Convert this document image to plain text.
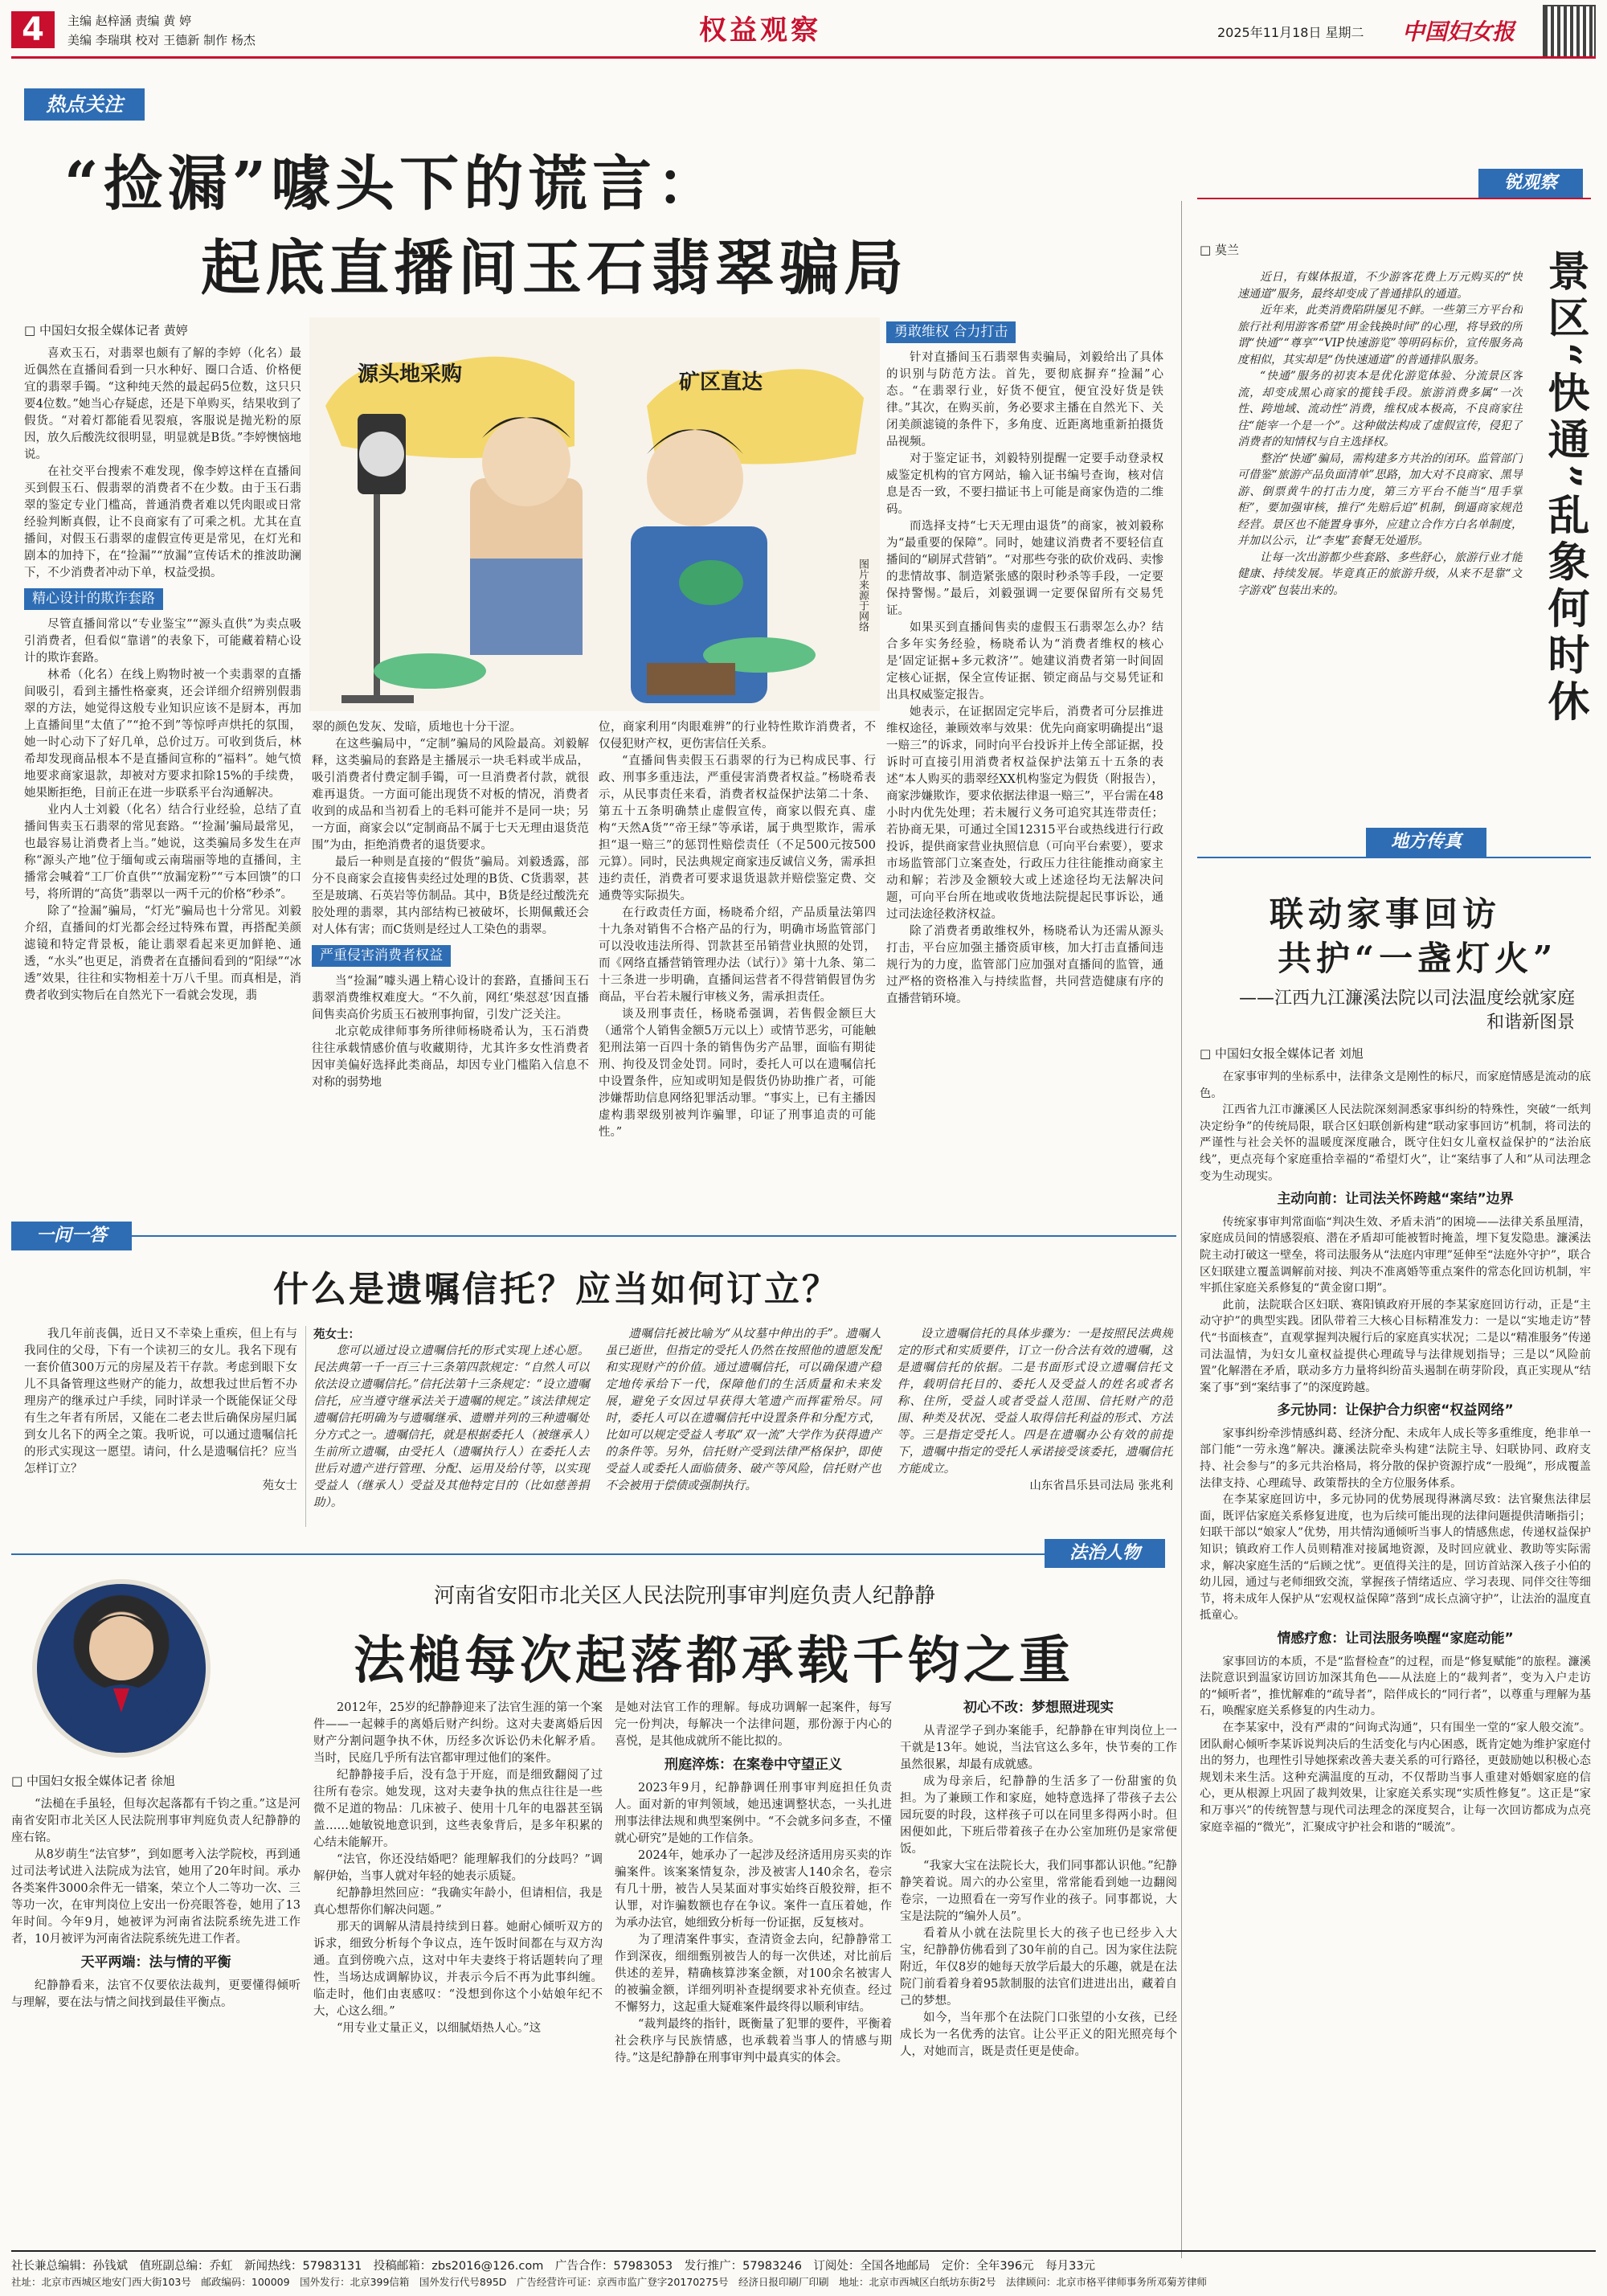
4	主编 赵梓涵 责编 黄 婷
美编 李瑞琪 校对 王德新 制作 杨杰	权益观察	2025年11月18日 星期二 中国妇女报
热点关注
“捡漏”噱头下的谎言：
起底直播间玉石翡翠骗局
□ 中国妇女报全媒体记者 黄婷
源头地采购	矿区直达
图片来源于网络

喜欢玉石，对翡翠也颇有了解的李婷（化名）最近偶然在直播间看到一只水种好、圈口合适、价格便宜的翡翠手镯。“这种纯天然的最起码5位数，这只只要4位数。”她当心存疑虑，还是下单购买，结果收到了假货。“对着灯都能看见裂痕，客服说是抛光粉的原因，放久后酸洗纹很明显，明显就是B货。”李婷懊恼地说。

在社交平台搜索不难发现，像李婷这样在直播间买到假玉石、假翡翠的消费者不在少数。由于玉石翡翠的鉴定专业门槛高，普通消费者难以凭肉眼或日常经验判断真假，让不良商家有了可乘之机。尤其在直播间，对假玉石翡翠的虚假宣传更是常见，在灯光和剧本的加持下，在“捡漏”“放漏”宣传话术的推波助澜下，不少消费者冲动下单，权益受损。

精心设计的欺诈套路

尽管直播间常以“专业鉴宝”“源头直供”为卖点吸引消费者，但看似“靠谱”的表象下，可能藏着精心设计的欺诈套路。

林希（化名）在线上购物时被一个卖翡翠的直播间吸引，看到主播性格豪爽，还会详细介绍辨别假翡翠的方法，她觉得这般专业知识应该不是厨本，再加上直播间里“太值了”“抢不到”等惊呼声烘托的氛围，她一时心动下了好几单，总价过万。可收到货后，林希却发现商品根本不是直播间宣称的“福料”。她气愤地要求商家退款，却被对方要求扣除15%的手续费，她果断拒绝，目前正在进一步联系平台沟通解决。

业内人士刘毅（化名）结合行业经验，总结了直播间售卖玉石翡翠的常见套路。“‘捡漏’骗局最常见，也最容易让消费者上当。”她说，这类骗局多发生在声称“源头产地”位于缅甸或云南瑞丽等地的直播间，主播常会喊着“工厂价直供”“放漏宠粉”“亏本回馈”的口号，将所谓的“高货”翡翠以一两千元的价格“秒杀”。

除了“捡漏”骗局，“灯光”骗局也十分常见。刘毅介绍，直播间的灯光都会经过特殊布置，再搭配美颜滤镜和特定背景板，能让翡翠看起来更加鲜艳、通透，“水头”也更足，消费者在直播间看到的“阳绿”“冰透”效果，往往和实物相差十万八千里。而真相是，消费者收到实物后在自然光下一看就会发现，翡

翠的颜色发灰、发暗，质地也十分干涩。

在这些骗局中，“定制”骗局的风险最高。刘毅解释，这类骗局的套路是主播展示一块毛料或半成品，吸引消费者付费定制手镯，可一旦消费者付款，就很难再退货。一方面可能出现货不对板的情况，消费者收到的成品和当初看上的毛料可能并不是同一块；另一方面，商家会以“定制商品不属于七天无理由退货范围”为由，拒绝消费者的退货要求。

最后一种则是直接的“假货”骗局。刘毅透露，部分不良商家会直接售卖经过处理的B货、C货翡翠，甚至是玻璃、石英岩等仿制品。其中，B货是经过酸洗充胶处理的翡翠，其内部结构已被破坏，长期佩戴还会对人体有害；而C货则是经过人工染色的翡翠。

严重侵害消费者权益

当“捡漏”噱头遇上精心设计的套路，直播间玉石翡翠消费维权难度大。“不久前，网红‘柴怼怼’因直播间售卖高价劣质玉石被刑事拘留，引发广泛关注。

北京乾成律师事务所律师杨晓希认为，玉石消费往往承载情感价值与收藏期待，尤其许多女性消费者因审美偏好选择此类商品，却因专业门槛陷入信息不对称的弱势地

位，商家利用“肉眼难辨”的行业特性欺诈消费者，不仅侵犯财产权，更伤害信任关系。

“直播间售卖假玉石翡翠的行为已构成民事、行政、刑事多重违法，严重侵害消费者权益。”杨晓希表示，从民事责任来看，消费者权益保护法第二十条、第五十五条明确禁止虚假宣传，商家以假充真、虚构“天然A货”“帝王绿”等承诺，属于典型欺诈，需承担“退一赔三”的惩罚性赔偿责任（不足500元按500元算）。同时，民法典规定商家违反诚信义务，需承担违约责任，消费者可要求退货退款并赔偿鉴定费、交通费等实际损失。

在行政责任方面，杨晓希介绍，产品质量法第四十九条对销售不合格产品的行为，明确市场监管部门可以没收违法所得、罚款甚至吊销营业执照的处罚，而《网络直播营销管理办法（试行）》第十九条、第二十三条进一步明确，直播间运营者不得营销假冒伪劣商品，平台若未履行审核义务，需承担责任。

谈及刑事责任，杨晓希强调，若售假金额巨大（通常个人销售金额5万元以上）或情节恶劣，可能触犯刑法第一百四十条的销售伪劣产品罪，面临有期徒刑、拘役及罚金处罚。同时，委托人可以在遗嘱信托中设置条件，应知或明知是假货仍协助推广者，可能涉嫌帮助信息网络犯罪活动罪。“事实上，已有主播因虚构翡翠级别被判诈骗罪，印证了刑事追责的可能性。”

勇敢维权 合力打击

针对直播间玉石翡翠售卖骗局，刘毅给出了具体的识别与防范方法。首先，要彻底摒弃“捡漏”心态。“在翡翠行业，好货不便宜，便宜没好货是铁律。”其次，在购买前，务必要求主播在自然光下、关闭美颜滤镜的条件下，多角度、近距离地重新拍摄货品视频。

对于鉴定证书，刘毅特别提醒一定要手动登录权威鉴定机构的官方网站，输入证书编号查询，核对信息是否一致，不要扫描证书上可能是商家伪造的二维码。

而选择支持“七天无理由退货”的商家，被刘毅称为“最重要的保障”。同时，她建议消费者不要轻信直播间的“刷屏式营销”。“对那些夸张的砍价戏码、卖惨的悲情故事、制造紧张感的限时秒杀等手段，一定要保持警惕。”最后，刘毅强调一定要保留所有交易凭证。

如果买到直播间售卖的虚假玉石翡翠怎么办？结合多年实务经验，杨晓希认为“消费者维权的核心是‘固定证据+多元救济’”。她建议消费者第一时间固定核心证据，保全宣传证据、锁定商品与交易凭证和出具权威鉴定报告。

她表示，在证据固定完毕后，消费者可分层推进维权途径，兼顾效率与效果：优先向商家明确提出“退一赔三”的诉求，同时向平台投诉并上传全部证据，投诉时可直接引用消费者权益保护法第五十五条的表述“本人购买的翡翠经XX机构鉴定为假货（附报告），商家涉嫌欺诈，要求依据法律退一赔三”，平台需在48小时内优先处理；若未履行义务可追究其连带责任；若协商无果，可通过全国12315平台或热线进行行政投诉，提供商家营业执照信息（可向平台索要），要求市场监管部门立案查处，行政压力往往能推动商家主动和解；若涉及金额较大或上述途径均无法解决问题，可向平台所在地或收货地法院提起民事诉讼，通过司法途径救济权益。

除了消费者勇敢维权外，杨晓希认为还需从源头打击，平台应加强主播资质审核，加大打击直播间违规行为的力度，监管部门应加强对直播间的监管，通过严格的资格准入与持续监督，共同营造健康有序的直播营销环境。

锐观察
□ 莫兰	景区“快通”乱象何时休

近日，有媒体报道，不少游客花费上万元购买的“快速通道”服务，最终却变成了普通排队的通道。

近年来，此类消费陷阱屡见不鲜。一些第三方平台和旅行社利用游客希望“用金钱换时间”的心理，将导致的所谓“快通”“尊享”“VIP快速游览”等明码标价，宣传服务高度相似，其实却是“伪快速通道”的普通排队服务。

“快通”服务的初衷本是优化游览体验、分流景区客流，却变成黑心商家的揽钱手段。旅游消费多属“一次性、跨地域、流动性”消费，维权成本极高，不良商家往往“能宰一个是一个”。这种做法构成了虚假宣传，侵犯了消费者的知情权与自主选择权。

整治“快通”骗局，需构建多方共治的闭环。监管部门可借鉴“旅游产品负面清单”思路，加大对不良商家、黑导游、倒票黄牛的打击力度，第三方平台不能当“甩手掌柜”，要加强审核，推行“先赔后追”机制，倒逼商家规范经营。景区也不能置身事外，应建立合作方白名单制度，并加以公示，让“李鬼”套餐无处遁形。

让每一次出游都少些套路、多些舒心，旅游行业才能健康、持续发展。毕竟真正的旅游升级，从来不是靠“文字游戏”包装出来的。

地方传真
联动家事回访
共护“一盏灯火”
——江西九江濂溪法院以司法温度绘就家庭和谐新图景
□ 中国妇女报全媒体记者 刘旭

在家事审判的坐标系中，法律条文是刚性的标尺，而家庭情感是流动的底色。

江西省九江市濂溪区人民法院深刻洞悉家事纠纷的特殊性，突破“一纸判决定纷争”的传统局限，联合区妇联创新构建“联动家事回访”机制，将司法的严谨性与社会关怀的温暖度深度融合，既守住妇女儿童权益保护的“法治底线”，更点亮每个家庭重拾幸福的“希望灯火”，让“案结事了人和”从司法理念变为生动现实。

主动向前：让司法关怀跨越“案结”边界

传统家事审判常面临“判决生效、矛盾未消”的困境——法律关系虽厘清，家庭成员间的情感裂痕、潜在矛盾却可能被暂时掩盖，埋下复发隐患。濂溪法院主动打破这一壁垒，将司法服务从“法庭内审理”延伸至“法庭外守护”，联合区妇联建立覆盖调解前对接、判决不准离婚等重点案件的常态化回访机制，牢牢抓住家庭关系修复的“黄金窗口期”。

此前，法院联合区妇联、赛阳镇政府开展的李某家庭回访行动，正是“主动守护”的典型实践。团队带着三大核心目标精准发力：一是以“实地走访”替代“书面核查”，直观掌握判决履行后的家庭真实状况；二是以“精准服务”传递司法温情，为妇女儿童权益提供心理疏导与法律规划指导；三是以“风险前置”化解潜在矛盾，联动多方力量将纠纷苗头遏制在萌芽阶段，真正实现从“结案了事”到“案结事了”的深度跨越。

多元协同：让保护合力织密“权益网络”

家事纠纷牵涉情感纠葛、经济分配、未成年人成长等多重维度，绝非单一部门能“一劳永逸”解决。濂溪法院牵头构建“法院主导、妇联协同、政府支持、社会参与”的多元共治格局，将分散的保护资源拧成“一股绳”，形成覆盖法律支持、心理疏导、政策帮扶的全方位服务体系。

在李某家庭回访中，多元协同的优势展现得淋漓尽致：法官聚焦法律层面，既评估家庭关系修复进度，也为后续可能出现的法律问题提供清晰指引；妇联干部以“娘家人”优势，用共情沟通倾听当事人的情感焦虑，传递权益保护知识；镇政府工作人员则精准对接属地资源，及时回应就业、教助等实际需求，解决家庭生活的“后顾之忧”。更值得关注的是，回访首站深入孩子小伯的幼儿园，通过与老师细致交流，掌握孩子情绪适应、学习表现、同伴交往等细节，将未成年人保护从“宏观权益保障”落到“成长点滴守护”，让法治的温度直抵童心。

情感疗愈：让司法服务唤醒“家庭动能”

家事回访的本质，不是“监督检查”的过程，而是“修复赋能”的旅程。濂溪法院意识到温家访回访加深其角色——从法庭上的“裁判者”，变为入户走访的“倾听者”，推忧解难的“疏导者”，陪伴成长的“同行者”，以尊重与理解为基石，唤醒家庭关系修复的内生动力。

在李某家中，没有严肃的“问询式沟通”，只有围坐一堂的“家人般交流”。团队耐心倾听李某诉说判决后的生活变化与内心困惑，既肯定她为维护家庭付出的努力，也理性引导她探索改善夫妻关系的可行路径，更鼓励她以积极心态规划未来生活。这种充满温度的互动，不仅帮助当事人重建对婚姻家庭的信心，更从根源上巩固了裁判效果，让家庭关系实现“实质性修复”。这正是“家和万事兴”的传统智慧与现代司法理念的深度契合，让每一次回访都成为点亮家庭幸福的“微光”，汇聚成守护社会和谐的“暖流”。

一问一答
什么是遗嘱信托？应当如何订立？

我几年前丧偶，近日又不幸染上重疾，但上有与我同住的父母，下有一个读初三的女儿。我名下现有一套价值300万元的房屋及若干存款。考虑到眼下女儿不具备管理这些财产的能力，故想我过世后暂不办理房产的继承过户手续，同时详录一个既能保证父母有生之年者有所居，又能在二老去世后确保房屋归属到女儿名下的两全之策。我听说，可以通过遗嘱信托的形式实现这一愿望。请问，什么是遗嘱信托？应当怎样订立？

苑女士
苑女士：

您可以通过设立遗嘱信托的形式实现上述心愿。民法典第一千一百三十三条第四款规定：“自然人可以依法设立遗嘱信托。”信托法第十三条规定：“设立遗嘱信托，应当遵守继承法关于遗嘱的规定。”该法律规定遗嘱信托明确为与遗嘱继承、遗赠并列的三种遗嘱处分方式之一。遗嘱信托，就是根据委托人（被继承人）生前所立遗嘱，由受托人（遗嘱执行人）在委托人去世后对遗产进行管理、分配、运用及给付等，以实现受益人（继承人）受益及其他特定目的（比如慈善捐助）。

遗嘱信托被比喻为“从坟墓中伸出的手”。遗嘱人虽已逝世，但指定的受托人仍然在按照他的遗愿发配和实现财产的价值。通过遗嘱信托，可以确保遗产稳定地传承给下一代，保障他们的生活质量和未来发展，避免子女因过早获得大笔遗产而挥霍殆尽。同时，委托人可以在遗嘱信托中设置条件和分配方式，比如可以规定受益人考取“双一流”大学作为获得遗产的条件等。另外，信托财产受到法律严格保护，即使受益人或委托人面临债务、破产等风险，信托财产也不会被用于偿债或强制执行。

设立遗嘱信托的具体步骤为：一是按照民法典规定的形式和实质要件，订立一份合法有效的遗嘱，这是遗嘱信托的依据。二是书面形式设立遗嘱信托文件，载明信托目的、委托人及受益人的姓名或者名称、住所，受益人或者受益人范围、信托财产的范围、种类及状况、受益人取得信托利益的形式、方法等。三是指定受托人。四是在遗嘱办公有效的前提下，遗嘱中指定的受托人承诺接受该委托，遗嘱信托方能成立。

山东省昌乐县司法局 张兆利
法治人物
河南省安阳市北关区人民法院刑事审判庭负责人纪静静
法槌每次起落都承载千钧之重
□ 中国妇女报全媒体记者 徐旭

“法槌在手虽轻，但每次起落都有千钧之重。”这是河南省安阳市北关区人民法院刑事审判庭负责人纪静静的座右铭。

从8岁萌生“法官梦”，到如愿考入法学院校，再到通过司法考试进入法院成为法官，她用了20年时间。承办各类案件3000余件无一错案，荣立个人二等功一次、三等功一次，在审判岗位上安出一份亮眼答卷，她用了13年时间。今年9月，她被评为河南省法院系统先进工作者，10月被评为河南省法院系统先进工作者。

天平两端：法与情的平衡

纪静静看来，法官不仅要依法裁判，更要懂得倾听与理解，要在法与情之间找到最佳平衡点。

2012年，25岁的纪静静迎来了法官生涯的第一个案件——一起棘手的离婚后财产纠纷。这对夫妻离婚后因财产分割问题争执不休，历经多次诉讼仍未化解矛盾。当时，民庭几乎所有法官都审理过他们的案件。

纪静静接手后，没有急于开庭，而是细致翻阅了过往所有卷宗。她发现，这对夫妻争执的焦点往往是一些微不足道的物品：几床被子、使用十几年的电器甚至锅盖……她敏锐地意识到，这些表象背后，是多年积累的心结未能解开。

“法官，你还没结婚吧？能理解我们的分歧吗？”调解伊始，当事人就对年轻的她表示质疑。

纪静静坦然回应：“我确实年龄小，但请相信，我是真心想帮你们解决问题。”

那天的调解从清晨持续到日暮。她耐心倾听双方的诉求，细致分析每个争议点，连午饭时间都在与双方沟通。直到傍晚六点，这对中年夫妻终于将话题转向了理性，当场达成调解协议，并表示今后不再为此事纠缠。临走时，他们由衷感叹：“没想到你这个小姑娘年纪不大，心这么细。”

“用专业丈量正义，以细腻焐热人心。”这

是她对法官工作的理解。每成功调解一起案件，每写完一份判决，每解决一个法律问题，那份源于内心的喜悦，是其他成就所不能比拟的。

刑庭淬炼：在案卷中守望正义

2023年9月，纪静静调任刑事审判庭担任负责人。面对新的审判领域，她迅速调整状态，一头扎进刑事法律法规和典型案例中。“不会就多问多查，不懂就心研究”是她的工作信条。

2024年，她承办了一起涉及经济适用房买卖的诈骗案件。该案案情复杂，涉及被害人140余名，卷宗有几十册，被告人吴某面对事实始终百般狡辩，拒不认罪，对诈骗数额也存在争议。案件一直压着她，作为承办法官，她细致分析每一份证据，反复核对。

为了理清案件事实，查清资金去向，纪静静常工作到深夜，细细甄别被告人的每一次供述，对比前后供述的差异，精确核算涉案金额，对100余名被害人的被骗金额，详细列明补查提纲要求补充侦查。经过不懈努力，这起重大疑难案件最终得以顺利审结。

“裁判最终的指针，既衡量了犯罪的要件，平衡着社会秩序与民族情感，也承载着当事人的情感与期待。”这是纪静静在刑事审判中最真实的体会。

初心不改：梦想照进现实

从青涩学子到办案能手，纪静静在审判岗位上一干就是13年。她说，当法官这么多年，快节奏的工作虽然很累，却最有成就感。

成为母亲后，纪静静的生活多了一份甜蜜的负担。为了兼顾工作和家庭，她特意选择了带孩子去公园玩耍的时段，这样孩子可以在同里多得两小时。但困便如此，下班后带着孩子在办公室加班仍是家常便饭。

“我家大宝在法院长大，我们同事都认识他。”纪静静笑着说。周六的办公室里，常常能看到她一边翻阅卷宗，一边照看在一旁写作业的孩子。同事都说，大宝是法院的“编外人员”。

看着从小就在法院里长大的孩子也已经步入大宝，纪静静仿佛看到了30年前的自己。因为家住法院附近，年仅8岁的她每天放学后最大的乐趣，就是在法院门前看着身着95款制服的法官们进进出出，藏着自己的梦想。

如今，当年那个在法院门口张望的小女孩，已经成长为一名优秀的法官。让公平正义的阳光照亮每个人，对她而言，既是责任更是使命。

社长兼总编辑：孙钱斌　值班副总编：乔虹　新闻热线：57983131　投稿邮箱：zbs2016@126.com　广告合作：57983053　发行推广：57983246　订阅处：全国各地邮局　定价：全年396元　每月33元
社址：北京市西城区地安门西大街103号　邮政编码：100009　国外发行：北京399信箱　国外发行代号895D　广告经营许可证：京西市监广登字20170275号　经济日报印刷厂印刷　地址：北京市西城区白纸坊东街2号　法律顾问：北京市格平律师事务所邓菊芳律师
